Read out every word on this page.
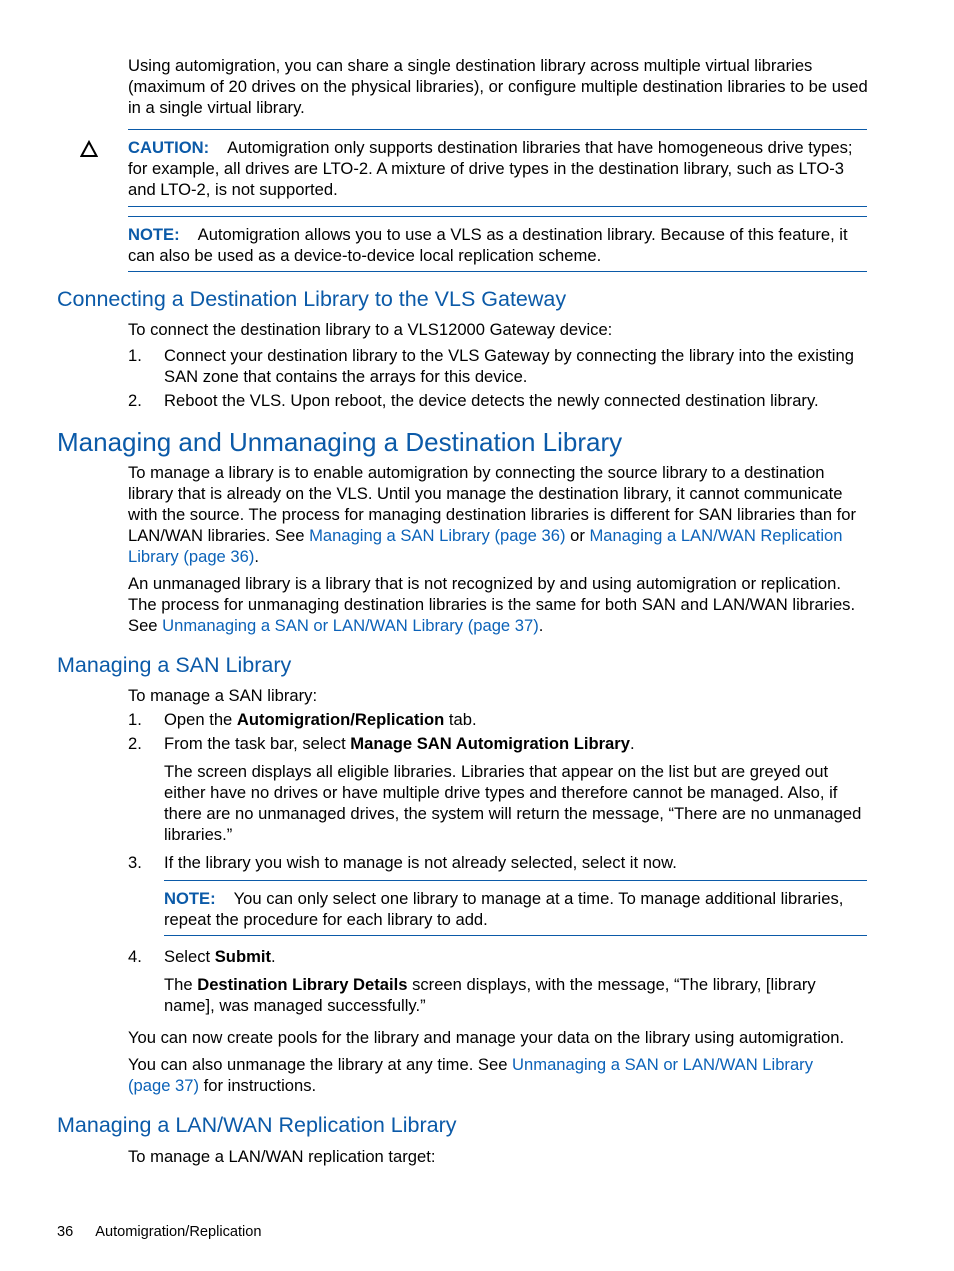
Using automigration, you can share a single destination library across multiple virtual libraries (maximum of 20 drives on the physical libraries), or configure multiple destination libraries to be used in a single virtual library.

CAUTION: Automigration only supports destination libraries that have homogeneous drive types; for example, all drives are LTO-2. A mixture of drive types in the destination library, such as LTO-3 and LTO-2, is not supported.

NOTE: Automigration allows you to use a VLS as a destination library. Because of this feature, it can also be used as a device-to-device local replication scheme.

Connecting a Destination Library to the VLS Gateway

To connect the destination library to a VLS12000 Gateway device:

1.	Connect your destination library to the VLS Gateway by connecting the library into the existing SAN zone that contains the arrays for this device.

2.	Reboot the VLS. Upon reboot, the device detects the newly connected destination library.

Managing and Unmanaging a Destination Library

To manage a library is to enable automigration by connecting the source library to a destination library that is already on the VLS. Until you manage the destination library, it cannot communicate with the source. The process for managing destination libraries is different for SAN libraries than for LAN/WAN libraries. See Managing a SAN Library (page 36) or Managing a LAN/WAN Replication Library (page 36).

An unmanaged library is a library that is not recognized by and using automigration or replication. The process for unmanaging destination libraries is the same for both SAN and LAN/WAN libraries. See Unmanaging a SAN or LAN/WAN Library (page 37).

Managing a SAN Library

To manage a SAN library:

1.	Open the Automigration/Replication tab.

2.	From the task bar, select Manage SAN Automigration Library.

The screen displays all eligible libraries. Libraries that appear on the list but are greyed out either have no drives or have multiple drive types and therefore cannot be managed. Also, if there are no unmanaged drives, the system will return the message, “There are no unmanaged libraries.”

3.	If the library you wish to manage is not already selected, select it now.

NOTE: You can only select one library to manage at a time. To manage additional libraries, repeat the procedure for each library to add.

4.	Select Submit.

The Destination Library Details screen displays, with the message, “The library, [library name], was managed successfully.”

You can now create pools for the library and manage your data on the library using automigration.

You can also unmanage the library at any time. See Unmanaging a SAN or LAN/WAN Library (page 37) for instructions.

Managing a LAN/WAN Replication Library

To manage a LAN/WAN replication target:

36 Automigration/Replication
